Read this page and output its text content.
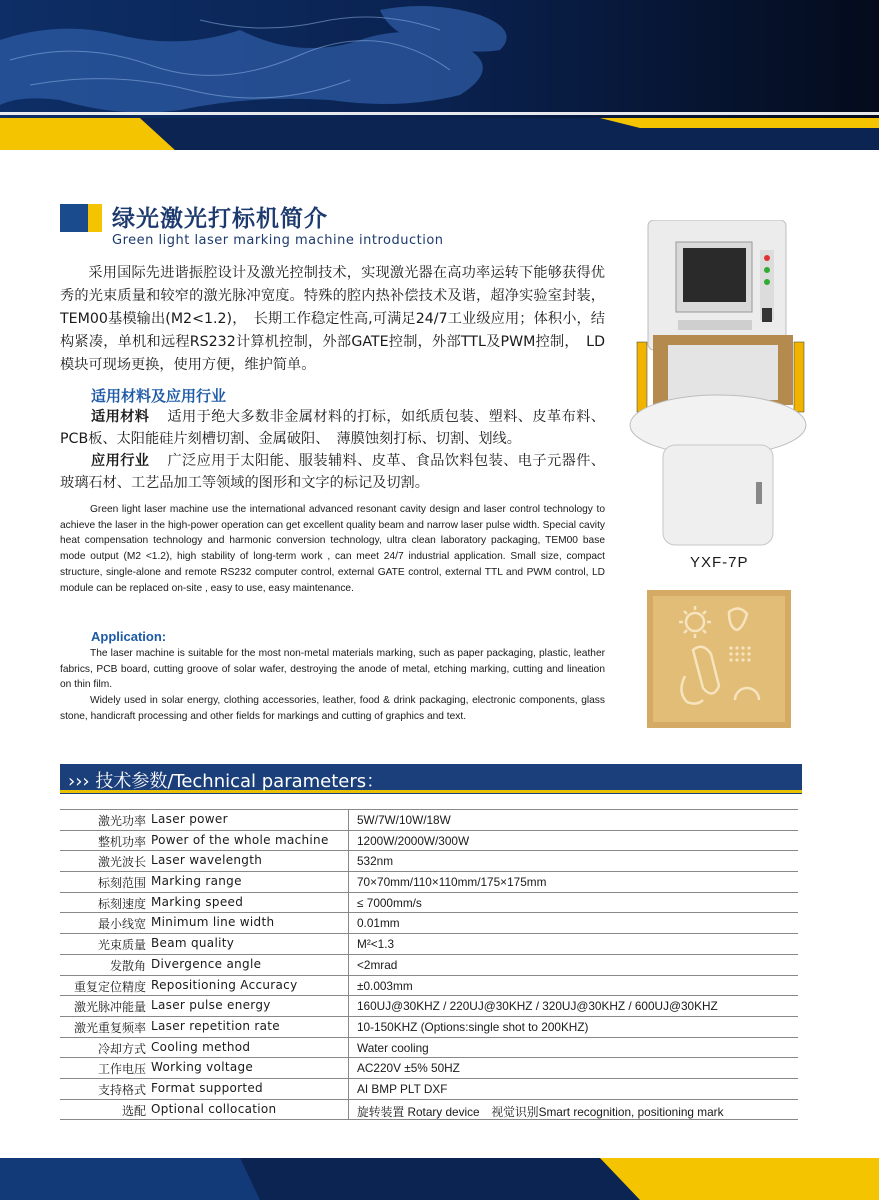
绿光激光打标机简介
Green light laser marking machine introduction
采用国际先进谐振腔设计及激光控制技术，实现激光器在高功率运转下能够获得优秀的光束质量和较窄的激光脉冲宽度。特殊的腔内热补偿技术及谐，超净实验室封装，TEM00基模输出(M2<1.2)，　长期工作稳定性高,可满足24/7工业级应用；体积小，结构紧凑，单机和远程RS232计算机控制，外部GATE控制，外部TTL及PWM控制，　LD模块可现场更换，使用方便，维护简单。
适用材料及应用行业
适用材料 适用于绝大多数非金属材料的打标，如纸质包装、塑料、皮革布料、PCB板、太阳能硅片刻槽切割、金属破阳、　薄膜蚀刻打标、切割、划线。
应用行业 广泛应用于太阳能、服装辅料、皮革、食品饮料包装、电子元器件、玻璃石材、工艺品加工等领域的图形和文字的标记及切割。
Green light laser machine use the international advanced resonant cavity design and laser control technology to achieve the laser in the high-power operation can get excellent quality beam and narrow laser pulse width. Special cavity heat compensation technology and harmonic conversion technology, ultra clean laboratory packaging, TEM00 base mode output (M2 <1.2), high stability of long-term work , can meet 24/7 industrial application. Small size, compact structure, single-alone and remote RS232 computer control, external GATE control, external TTL and PWM control, LD module can be replaced on-site , easy to use, easy maintenance.
Application:

The laser machine is suitable for the most non-metal materials marking, such as paper packaging, plastic, leather fabrics, PCB board, cutting groove of solar wafer, destroying the anode of metal, etching marking, cutting and lineation on thin film.

Widely used in solar energy, clothing accessories, leather, food & drink packaging, electronic components, glass stone, handicraft processing and other fields for markings and cutting of graphics and text.

YXF-7P
››› 技术参数/Technical parameters：
激光功率 Laser power	5W/7W/10W/18W
整机功率 Power of the whole machine 1200W/2000W/300W
激光波长 Laser wavelength	532nm
标刻范围 Marking range	70×70mm/110×110mm/175×175mm
标刻速度 Marking speed	≤ 7000mm/s
最小线宽 Minimum line width	0.01mm
光束质量 Beam quality	M²<1.3
发散角 Divergence angle	<2mrad
重复定位精度 Repositioning Accuracy	±0.003mm
激光脉冲能量 Laser pulse energy	160UJ@30KHZ / 220UJ@30KHZ / 320UJ@30KHZ / 600UJ@30KHZ
激光重复频率 Laser repetition rate	10-150KHZ (Options:single shot to 200KHZ)
冷却方式 Cooling method	Water cooling
工作电压 Working voltage	AC220V ±5% 50HZ
支持格式 Format supported	AI BMP PLT DXF
选配 Optional collocation	旋转装置 Rotary device　视觉识别Smart recognition, positioning mark
